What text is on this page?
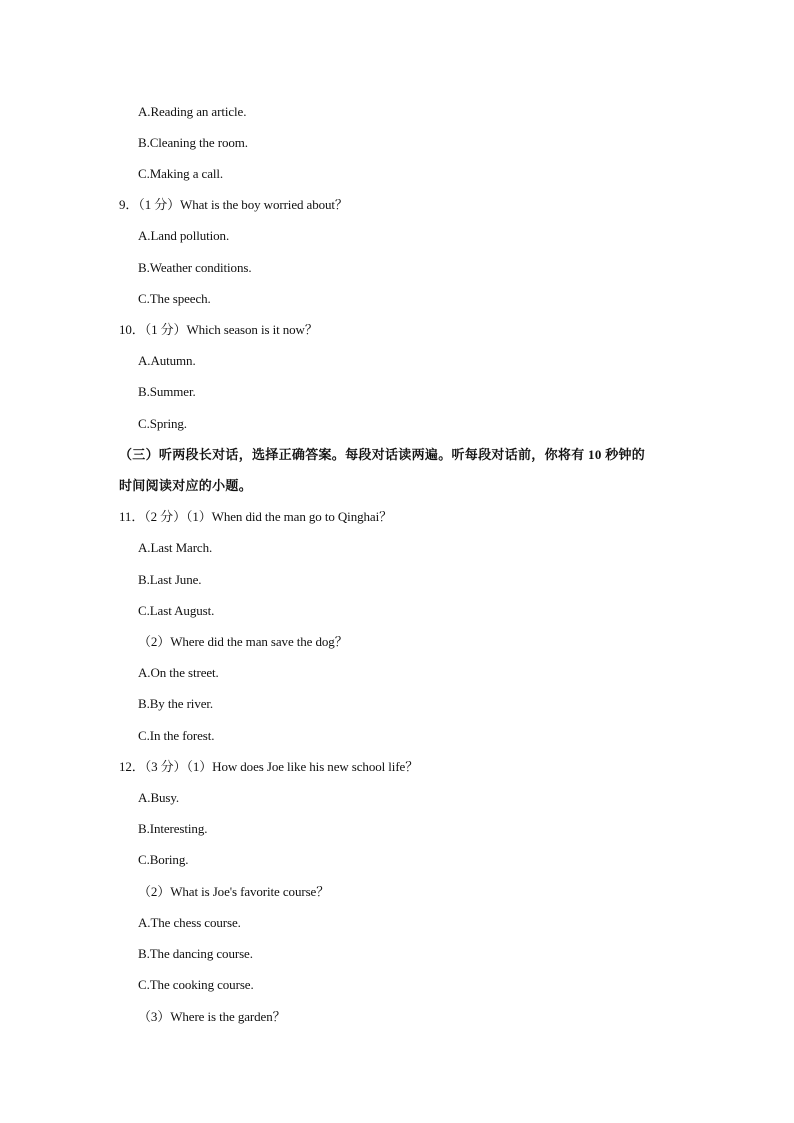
A.Reading an article.
B.Cleaning the room.
C.Making a call.
9．（1 分）What is the boy worried about？
A.Land pollution.
B.Weather conditions.
C.The speech.
10．（1 分）Which season is it now？
A.Autumn.
B.Summer.
C.Spring.
（三）听两段长对话，选择正确答案。每段对话读两遍。听每段对话前，你将有 10 秒钟的
时间阅读对应的小题。
11．（2 分）（1）When did the man go to Qinghai？
A.Last March.
B.Last June.
C.Last August.
（2）Where did the man save the dog？
A.On the street.
B.By the river.
C.In the forest.
12．（3 分）（1）How does Joe like his new school life？
A.Busy.
B.Interesting.
C.Boring.
（2）What is Joe's favorite course？
A.The chess course.
B.The dancing course.
C.The cooking course.
（3）Where is the garden？
